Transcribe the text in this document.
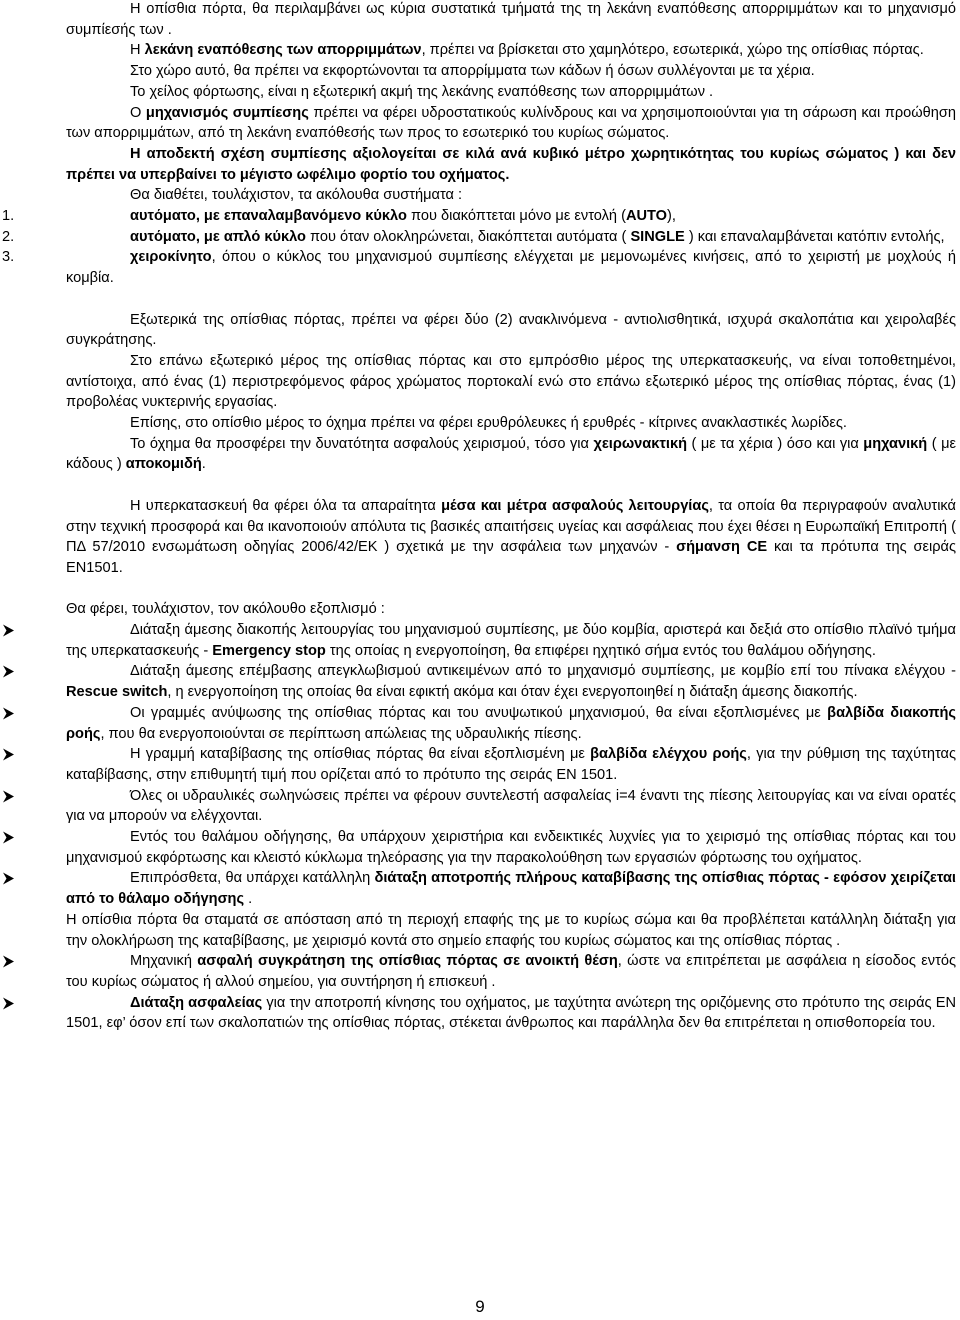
Η οπίσθια πόρτα, θα περιλαμβάνει ως κύρια συστατικά τμήματά της τη λεκάνη εναπόθεσης απορριμμάτων και το μηχανισμό συμπίεσής των .

Η λεκάνη εναπόθεσης των απορριμμάτων, πρέπει να βρίσκεται στο χαμηλότερο, εσωτερικά, χώρο της οπίσθιας πόρτας.

Στο χώρο αυτό, θα πρέπει να εκφορτώνονται τα απορρίμματα των κάδων ή όσων συλλέγονται με τα χέρια.

Το χείλος φόρτωσης, είναι η εξωτερική ακμή της λεκάνης εναπόθεσης των απορριμμάτων .

Ο μηχανισμός συμπίεσης πρέπει να φέρει υδροστατικούς κυλίνδρους και να χρησιμοποιούνται για τη σάρωση και προώθηση των απορριμμάτων, από τη λεκάνη εναπόθεσής των προς το εσωτερικό του κυρίως σώματος.

Η αποδεκτή σχέση συμπίεσης αξιολογείται σε κιλά ανά κυβικό μέτρο χωρητικότητας του κυρίως σώματος ) και δεν πρέπει να υπερβαίνει το μέγιστο ωφέλιμο φορτίο του οχήματος.

Θα διαθέτει, τουλάχιστον, τα ακόλουθα συστήματα :

1.	αυτόματο, με επαναλαμβανόμενο κύκλο που διακόπτεται μόνο με εντολή (AUTO),

2.	αυτόματο, με απλό κύκλο που όταν ολοκληρώνεται, διακόπτεται αυτόματα ( SINGLE ) και επαναλαμβάνεται κατόπιν εντολής,

3.	χειροκίνητο, όπου ο κύκλος του μηχανισμού συμπίεσης ελέγχεται με μεμονωμένες κινήσεις, από το χειριστή με μοχλούς ή κομβία.

Εξωτερικά της οπίσθιας πόρτας, πρέπει να φέρει δύο (2) ανακλινόμενα - αντιολισθητικά, ισχυρά σκαλοπάτια και χειρολαβές συγκράτησης.

Στο επάνω εξωτερικό μέρος της οπίσθιας πόρτας και στο εμπρόσθιο μέρος της υπερκατασκευής, να είναι τοποθετημένοι, αντίστοιχα, από ένας (1) περιστρεφόμενος φάρος χρώματος πορτοκαλί ενώ στο επάνω εξωτερικό μέρος της οπίσθιας πόρτας, ένας (1) προβολέας νυκτερινής εργασίας.

Επίσης, στο οπίσθιο μέρος το όχημα πρέπει να φέρει ερυθρόλευκες ή ερυθρές - κίτρινες ανακλαστικές λωρίδες.

Το όχημα θα προσφέρει την δυνατότητα ασφαλούς χειρισμού, τόσο για χειρωνακτική ( με τα χέρια ) όσο και για μηχανική ( με κάδους ) αποκομιδή.

Η υπερκατασκευή θα φέρει όλα τα απαραίτητα μέσα και μέτρα ασφαλούς λειτουργίας, τα οποία θα περιγραφούν αναλυτικά στην τεχνική προσφορά και θα ικανοποιούν απόλυτα τις βασικές απαιτήσεις υγείας και ασφάλειας που έχει θέσει η Ευρωπαϊκή Επιτροπή ( ΠΔ 57/2010 ενσωμάτωση οδηγίας 2006/42/ΕΚ ) σχετικά με την ασφάλεια των μηχανών - σήμανση CE και τα πρότυπα της σειράς EN1501.

Θα φέρει, τουλάχιστον, τον ακόλουθο εξοπλισμό :

Διάταξη άμεσης διακοπής λειτουργίας του μηχανισμού συμπίεσης, με δύο κομβία, αριστερά και δεξιά στο οπίσθιο πλαϊνό τμήμα της υπερκατασκευής - Emergency stop της οποίας η ενεργοποίηση, θα επιφέρει ηχητικό σήμα εντός του θαλάμου οδήγησης.

Διάταξη άμεσης επέμβασης απεγκλωβισμού αντικειμένων από το μηχανισμό συμπίεσης, με κομβίο επί του πίνακα ελέγχου - Rescue switch, η ενεργοποίηση της οποίας θα είναι εφικτή ακόμα και όταν έχει ενεργοποιηθεί η διάταξη άμεσης διακοπής.

Οι γραμμές ανύψωσης της οπίσθιας πόρτας και του ανυψωτικού μηχανισμού, θα είναι εξοπλισμένες με βαλβίδα διακοπής ροής, που θα ενεργοποιούνται σε περίπτωση απώλειας της υδραυλικής πίεσης.

Η γραμμή καταβίβασης της οπίσθιας πόρτας θα είναι εξοπλισμένη με βαλβίδα ελέγχου ροής, για την ρύθμιση της ταχύτητας καταβίβασης, στην επιθυμητή τιμή που ορίζεται από το πρότυπο της σειράς EN 1501.

Όλες οι υδραυλικές σωληνώσεις πρέπει να φέρουν συντελεστή ασφαλείας i=4 έναντι της πίεσης λειτουργίας και να είναι ορατές για να μπορούν να ελέγχονται.

Εντός του θαλάμου οδήγησης, θα υπάρχουν χειριστήρια και ενδεικτικές λυχνίες για το χειρισμό της οπίσθιας πόρτας και του μηχανισμού εκφόρτωσης και κλειστό κύκλωμα τηλεόρασης για την παρακολούθηση των εργασιών φόρτωσης του οχήματος.

Επιπρόσθετα, θα υπάρχει κατάλληλη διάταξη αποτροπής πλήρους καταβίβασης της οπίσθιας πόρτας - εφόσον χειρίζεται από το θάλαμο οδήγησης .

Η οπίσθια πόρτα θα σταματά σε απόσταση από τη περιοχή επαφής της με το κυρίως σώμα και θα προβλέπεται κατάλληλη διάταξη για την ολοκλήρωση της καταβίβασης, με χειρισμό κοντά στο σημείο επαφής του κυρίως σώματος και της οπίσθιας πόρτας .

Μηχανική ασφαλή συγκράτηση της οπίσθιας πόρτας σε ανοικτή θέση, ώστε να επιτρέπεται με ασφάλεια η είσοδος εντός του κυρίως σώματος ή αλλού σημείου, για συντήρηση ή επισκευή .

Διάταξη ασφαλείας για την αποτροπή κίνησης του οχήματος, με ταχύτητα ανώτερη της οριζόμενης στο πρότυπο της σειράς EN 1501, εφ’ όσον επί των σκαλοπατιών της οπίσθιας πόρτας, στέκεται άνθρωπος και παράλληλα δεν θα επιτρέπεται η οπισθοπορεία του.

9
